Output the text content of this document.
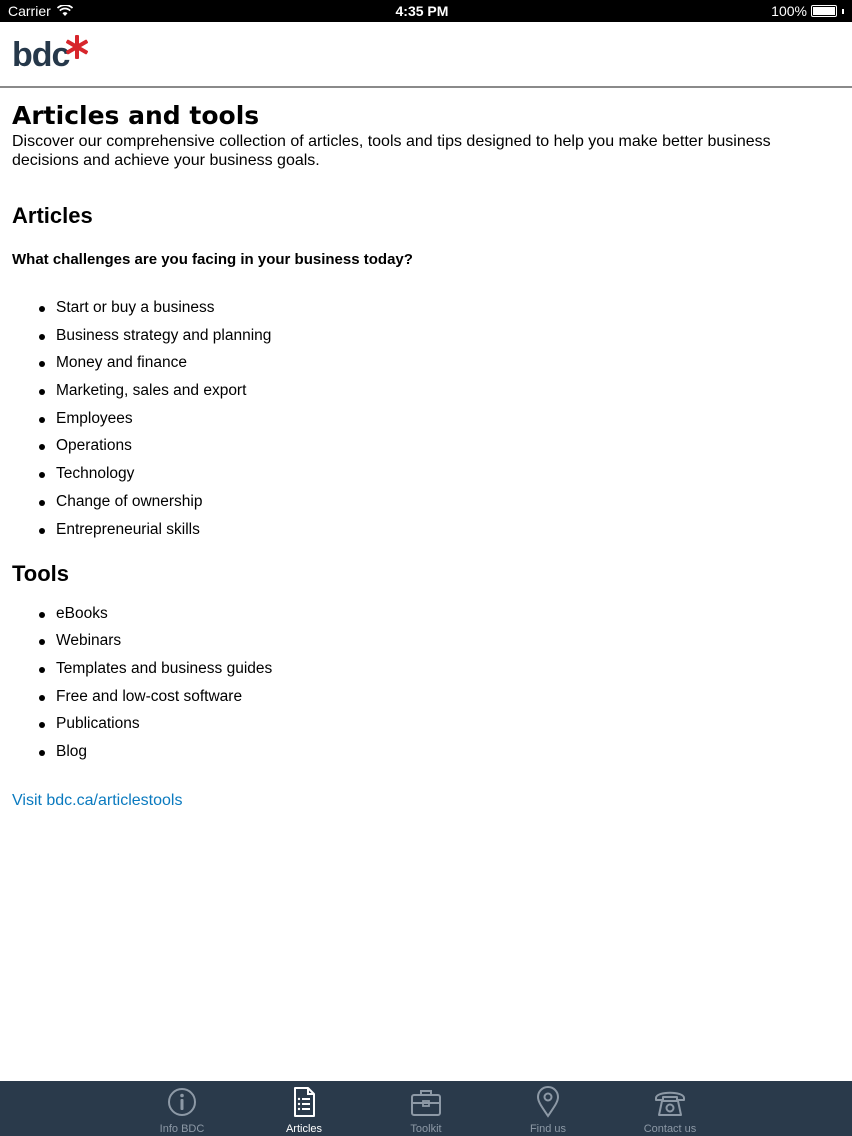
Carrier	4:35 PM	100%
bdc
Articles and tools

Discover our comprehensive collection of articles, tools and tips designed to help you make better business decisions and achieve your business goals.

Articles

What challenges are you facing in your business today?

Start or buy a business
Business strategy and planning
Money and finance
Marketing, sales and export
Employees
Operations
Technology
Change of ownership
Entrepreneurial skills
Tools
eBooks
Webinars
Templates and business guides
Free and low-cost software
Publications
Blog
Visit bdc.ca/articlestools
Info BDC	Articles	Toolkit	Find us	Contact us
